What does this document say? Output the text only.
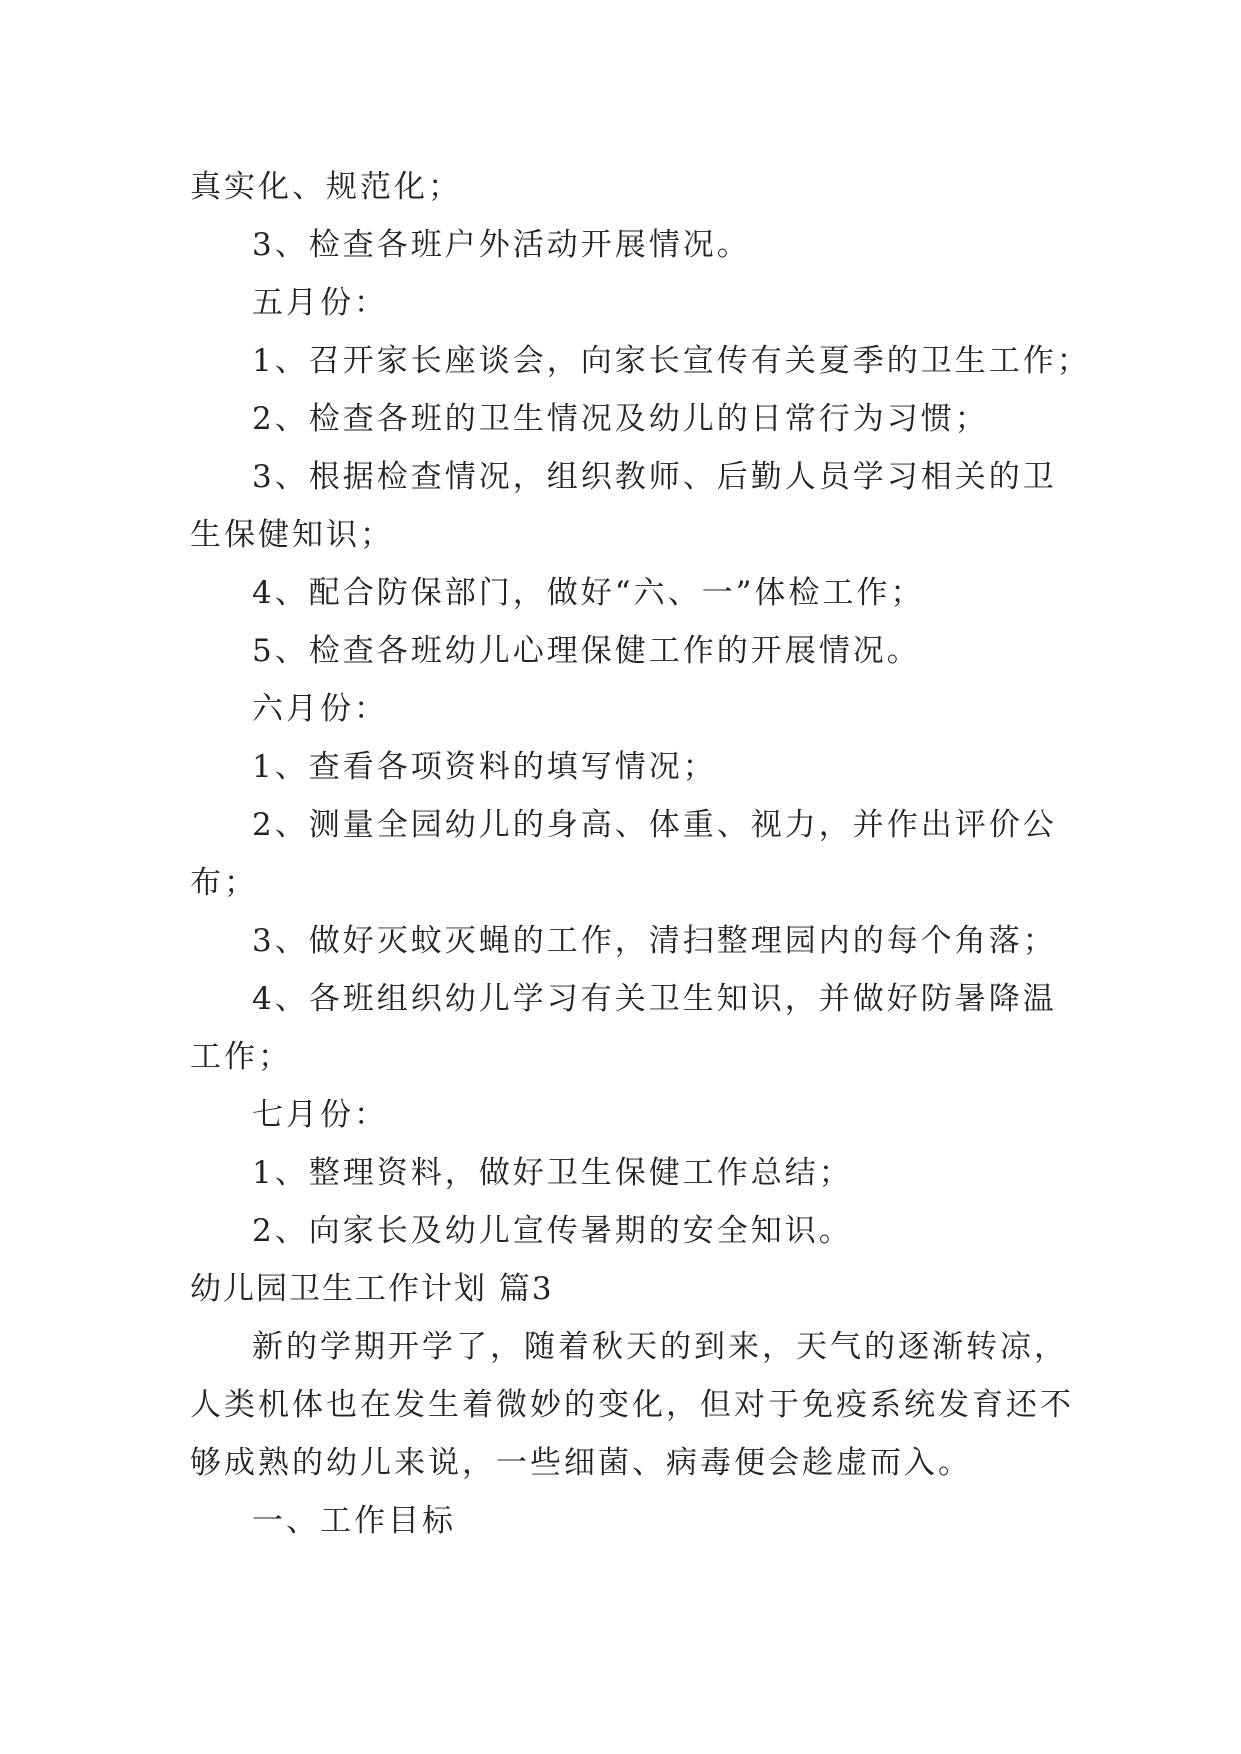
真实化、规范化；
3、检查各班户外活动开展情况。
五月份：
1、召开家长座谈会，向家长宣传有关夏季的卫生工作；
2、检查各班的卫生情况及幼儿的日常行为习惯；
3、根据检查情况，组织教师、后勤人员学习相关的卫
生保健知识；
4、配合防保部门，做好“六、一”体检工作；
5、检查各班幼儿心理保健工作的开展情况。
六月份：
1、查看各项资料的填写情况；
2、测量全园幼儿的身高、体重、视力，并作出评价公
布；
3、做好灭蚊灭蝇的工作，清扫整理园内的每个角落；
4、各班组织幼儿学习有关卫生知识，并做好防暑降温
工作；
七月份：
1、整理资料，做好卫生保健工作总结；
2、向家长及幼儿宣传暑期的安全知识。
幼儿园卫生工作计划 篇3
新的学期开学了，随着秋天的到来，天气的逐渐转凉，
人类机体也在发生着微妙的变化，但对于免疫系统发育还不
够成熟的幼儿来说，一些细菌、病毒便会趁虚而入。
一、工作目标
